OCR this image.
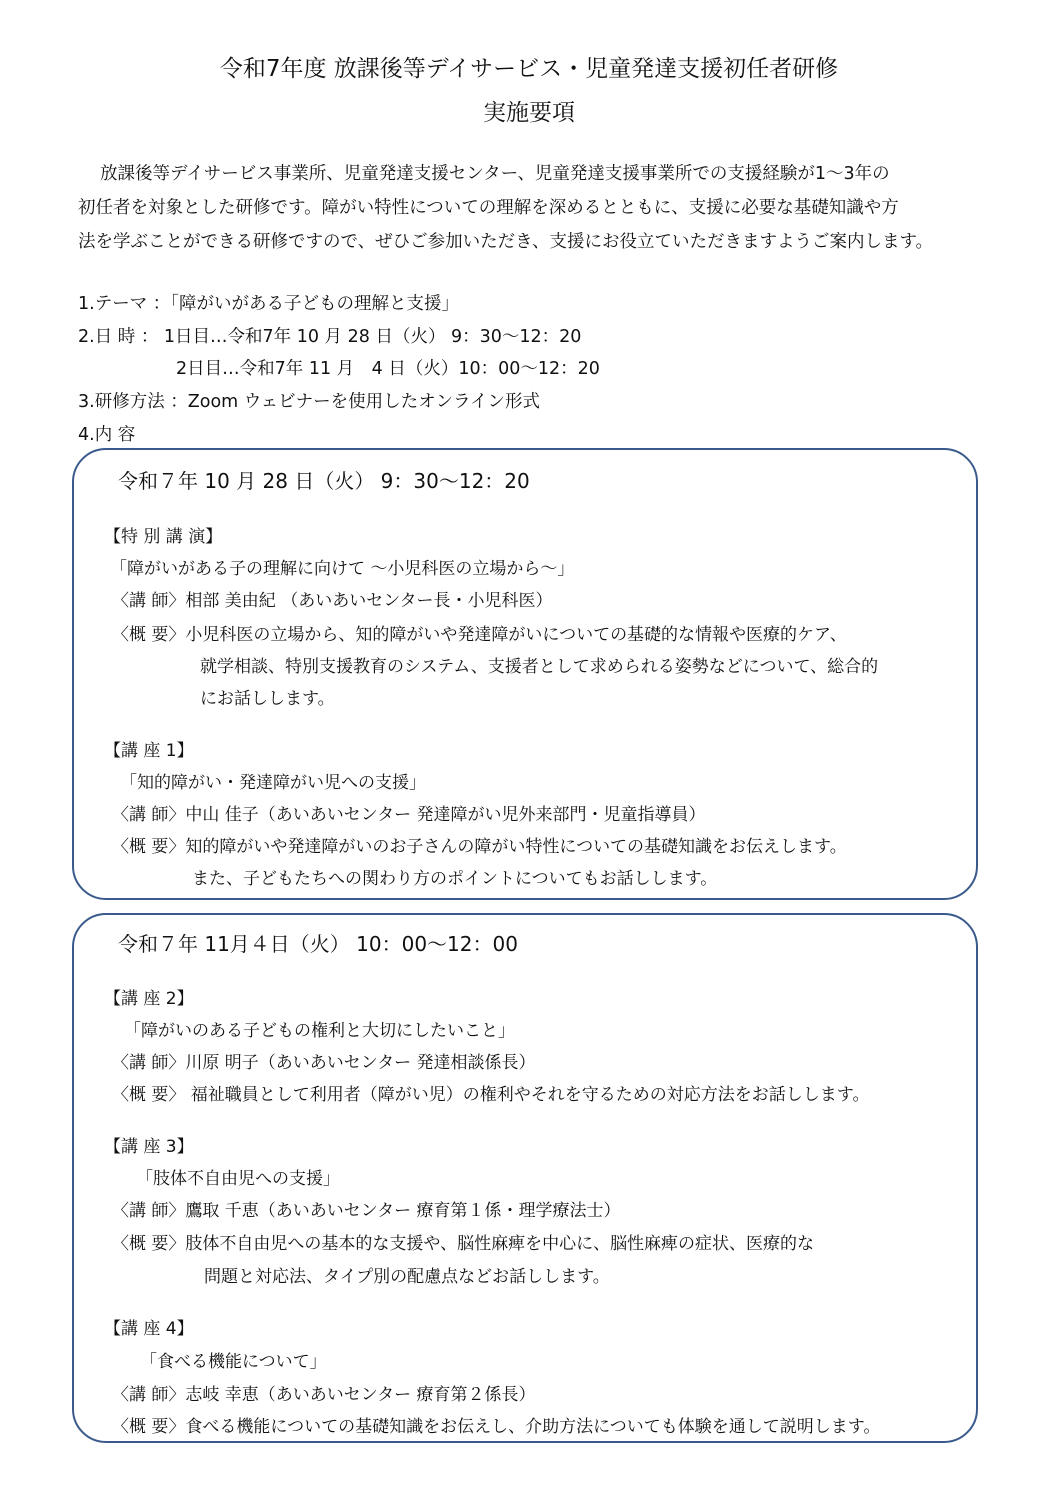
令和7年度 放課後等デイサービス・児童発達支援初任者研修
実施要項
放課後等デイサービス事業所、児童発達支援センター、児童発達支援事業所での支援経験が1～3年の
初任者を対象とした研修です。障がい特性についての理解を深めるとともに、支援に必要な基礎知識や方
法を学ぶことができる研修ですので、ぜひご参加いただき、支援にお役立ていただきますようご案内します。
1.テーマ ：「障がいがある子どもの理解と支援」
2.日 時 ： 1日目…令和7年 10 月 28 日（火） 9：30～12：20
2日目…令和7年 11 月　4 日（火）10：00～12：20
3.研修方法 ：Zoom ウェビナーを使用したオンライン形式
4.内 容
令和７年 10 月 28 日（火） 9：30～12：20
【特 別 講 演】
「障がいがある子の理解に向けて ～小児科医の立場から～」
〈講 師〉相部 美由紀 （あいあいセンター長・小児科医）
〈概 要〉小児科医の立場から、知的障がいや発達障がいについての基礎的な情報や医療的ケア、
就学相談、特別支援教育のシステム、支援者として求められる姿勢などについて、総合的
にお話しします。
【講 座 1】
「知的障がい・発達障がい児への支援」
〈講 師〉中山 佳子（あいあいセンター 発達障がい児外来部門・児童指導員）
〈概 要〉知的障がいや発達障がいのお子さんの障がい特性についての基礎知識をお伝えします。
また、子どもたちへの関わり方のポイントについてもお話しします。
令和７年 11月４日（火） 10：00～12：00
【講 座 2】
「障がいのある子どもの権利と大切にしたいこと」
〈講 師〉川原 明子（あいあいセンター 発達相談係長）
〈概 要〉 福祉職員として利用者（障がい児）の権利やそれを守るための対応方法をお話しします。
【講 座 3】
「肢体不自由児への支援」
〈講 師〉鷹取 千恵（あいあいセンター 療育第１係・理学療法士）
〈概 要〉肢体不自由児への基本的な支援や、脳性麻痺を中心に、脳性麻痺の症状、医療的な
問題と対応法、タイプ別の配慮点などお話しします。
【講 座 4】
「食べる機能について」
〈講 師〉志岐 幸恵（あいあいセンター 療育第２係長）
〈概 要〉食べる機能についての基礎知識をお伝えし、介助方法についても体験を通して説明します。
